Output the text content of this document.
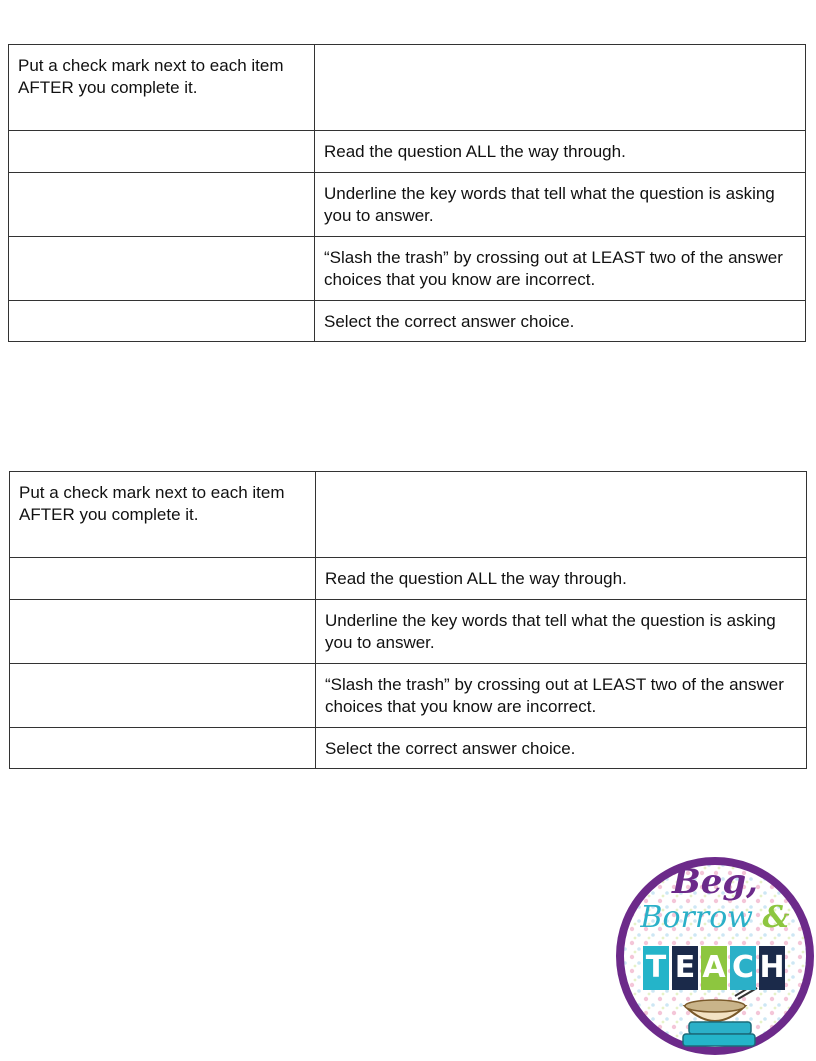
Put a check mark next to each item AFTER you complete it.	
	Read the question ALL the way through.
	Underline the key words that tell what the question is asking you to answer.
	“Slash the trash” by crossing out at LEAST two of the answer choices that you know are incorrect.
	Select the correct answer choice.
Put a check mark next to each item AFTER you complete it.	
	Read the question ALL the way through.
	Underline the key words that tell what the question is asking you to answer.
	“Slash the trash” by crossing out at LEAST two of the answer choices that you know are incorrect.
	Select the correct answer choice.
Beg,
Borrow &
T E A C H
